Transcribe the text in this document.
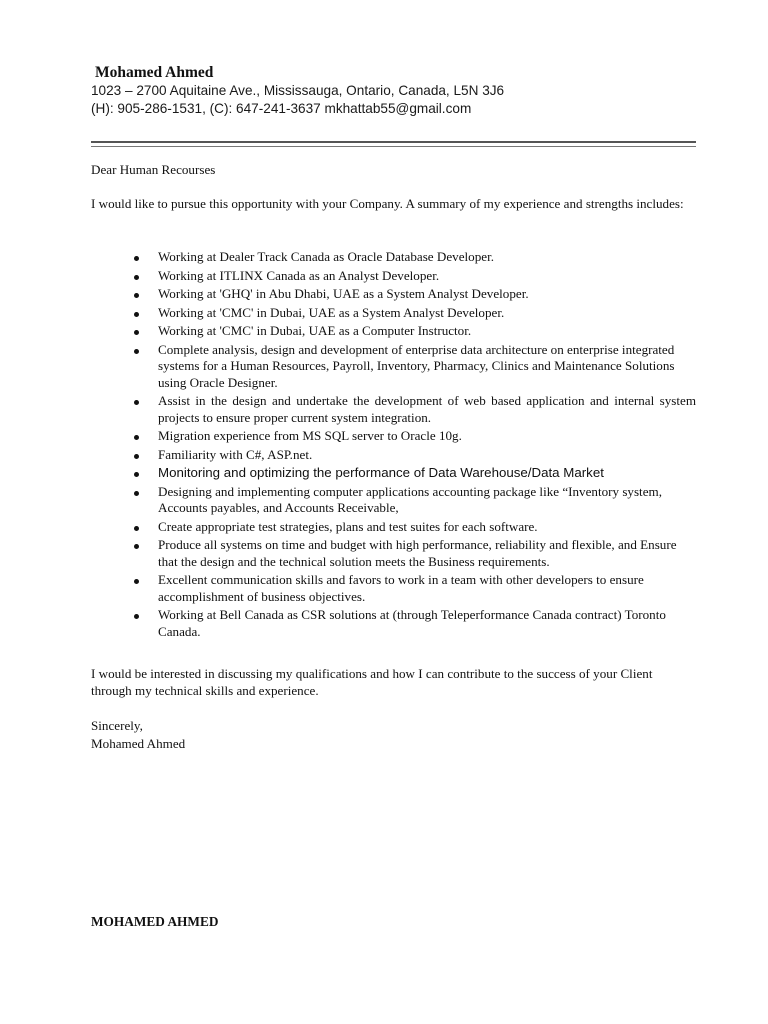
Mohamed Ahmed

1023 – 2700 Aquitaine Ave., Mississauga, Ontario, Canada, L5N 3J6

(H): 905-286-1531, (C): 647-241-3637 mkhattab55@gmail.com

Dear Human Recourses

I would like to pursue this opportunity with your Company. A summary of my experience and strengths includes:

Working at Dealer Track Canada as Oracle Database Developer.
Working at ITLINX Canada as an Analyst Developer.
Working at 'GHQ' in Abu Dhabi, UAE as a System Analyst Developer.
Working at 'CMC' in Dubai, UAE as a System Analyst Developer.
Working at 'CMC' in Dubai, UAE as a Computer Instructor.
Complete analysis, design and development of enterprise data architecture on enterprise integrated systems for a Human Resources, Payroll, Inventory, Pharmacy, Clinics and Maintenance Solutions using Oracle Designer.
Assist in the design and undertake the development of web based application and internal system projects to ensure proper current system integration.
Migration experience from MS SQL server to Oracle 10g.
Familiarity with C#, ASP.net.
Monitoring and optimizing the performance of Data Warehouse/Data Market
Designing and implementing computer applications accounting package like “Inventory system, Accounts payables, and Accounts Receivable,
Create appropriate test strategies, plans and test suites for each software.
Produce all systems on time and budget with high performance, reliability and flexible, and Ensure that the design and the technical solution meets the Business requirements.
Excellent communication skills and favors to work in a team with other developers to ensure accomplishment of business objectives.
Working at Bell Canada as CSR solutions at (through Teleperformance Canada contract) Toronto Canada.

I would be interested in discussing my qualifications and how I can contribute to the success of your Client through my technical skills and experience.

Sincerely,

Mohamed Ahmed

MOHAMED AHMED
